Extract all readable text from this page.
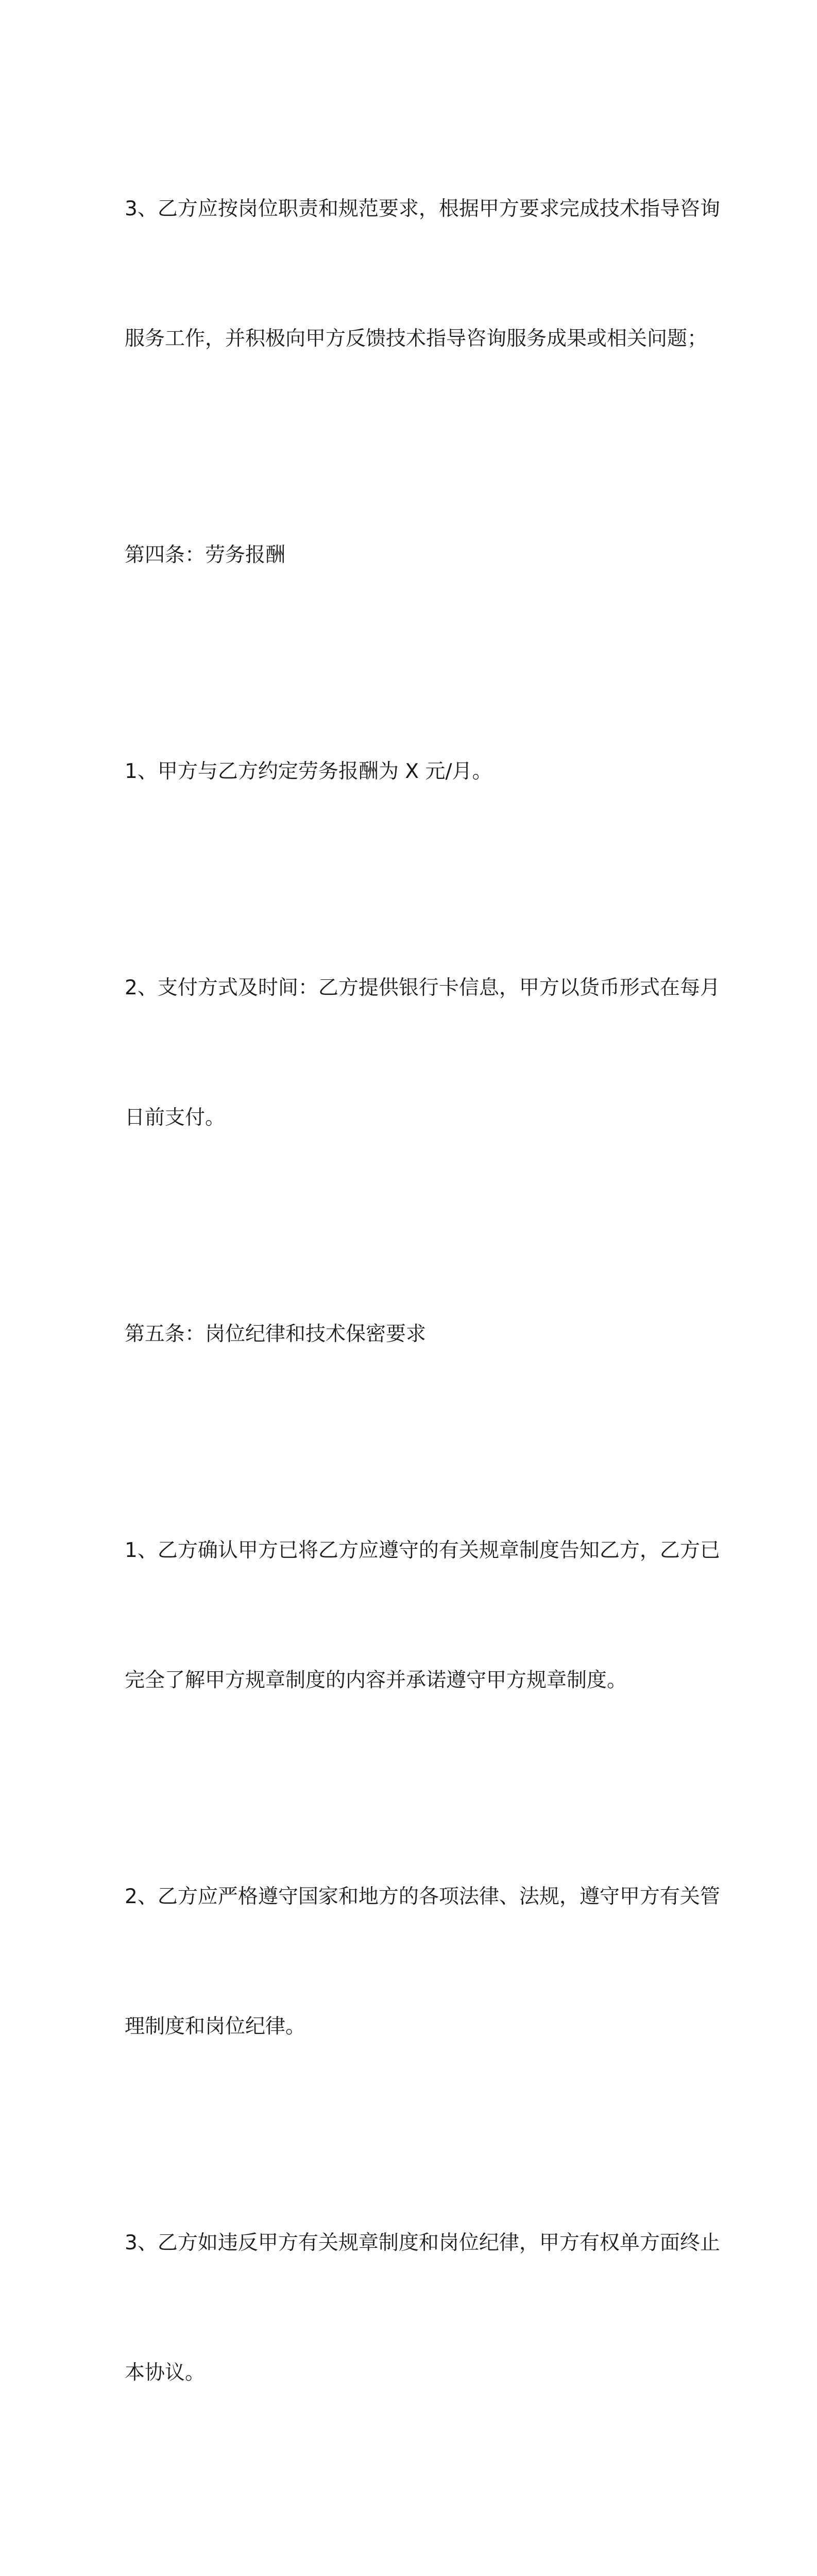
3、乙方应按岗位职责和规范要求，根据甲方要求完成技术指导咨询

服务工作，并积极向甲方反馈技术指导咨询服务成果或相关问题；

第四条：劳务报酬

1、甲方与乙方约定劳务报酬为 X 元/月。

2、支付方式及时间：乙方提供银行卡信息，甲方以货币形式在每月

日前支付。

第五条：岗位纪律和技术保密要求

1、乙方确认甲方已将乙方应遵守的有关规章制度告知乙方，乙方已

完全了解甲方规章制度的内容并承诺遵守甲方规章制度。

2、乙方应严格遵守国家和地方的各项法律、法规，遵守甲方有关管

理制度和岗位纪律。

3、乙方如违反甲方有关规章制度和岗位纪律，甲方有权单方面终止

本协议。
